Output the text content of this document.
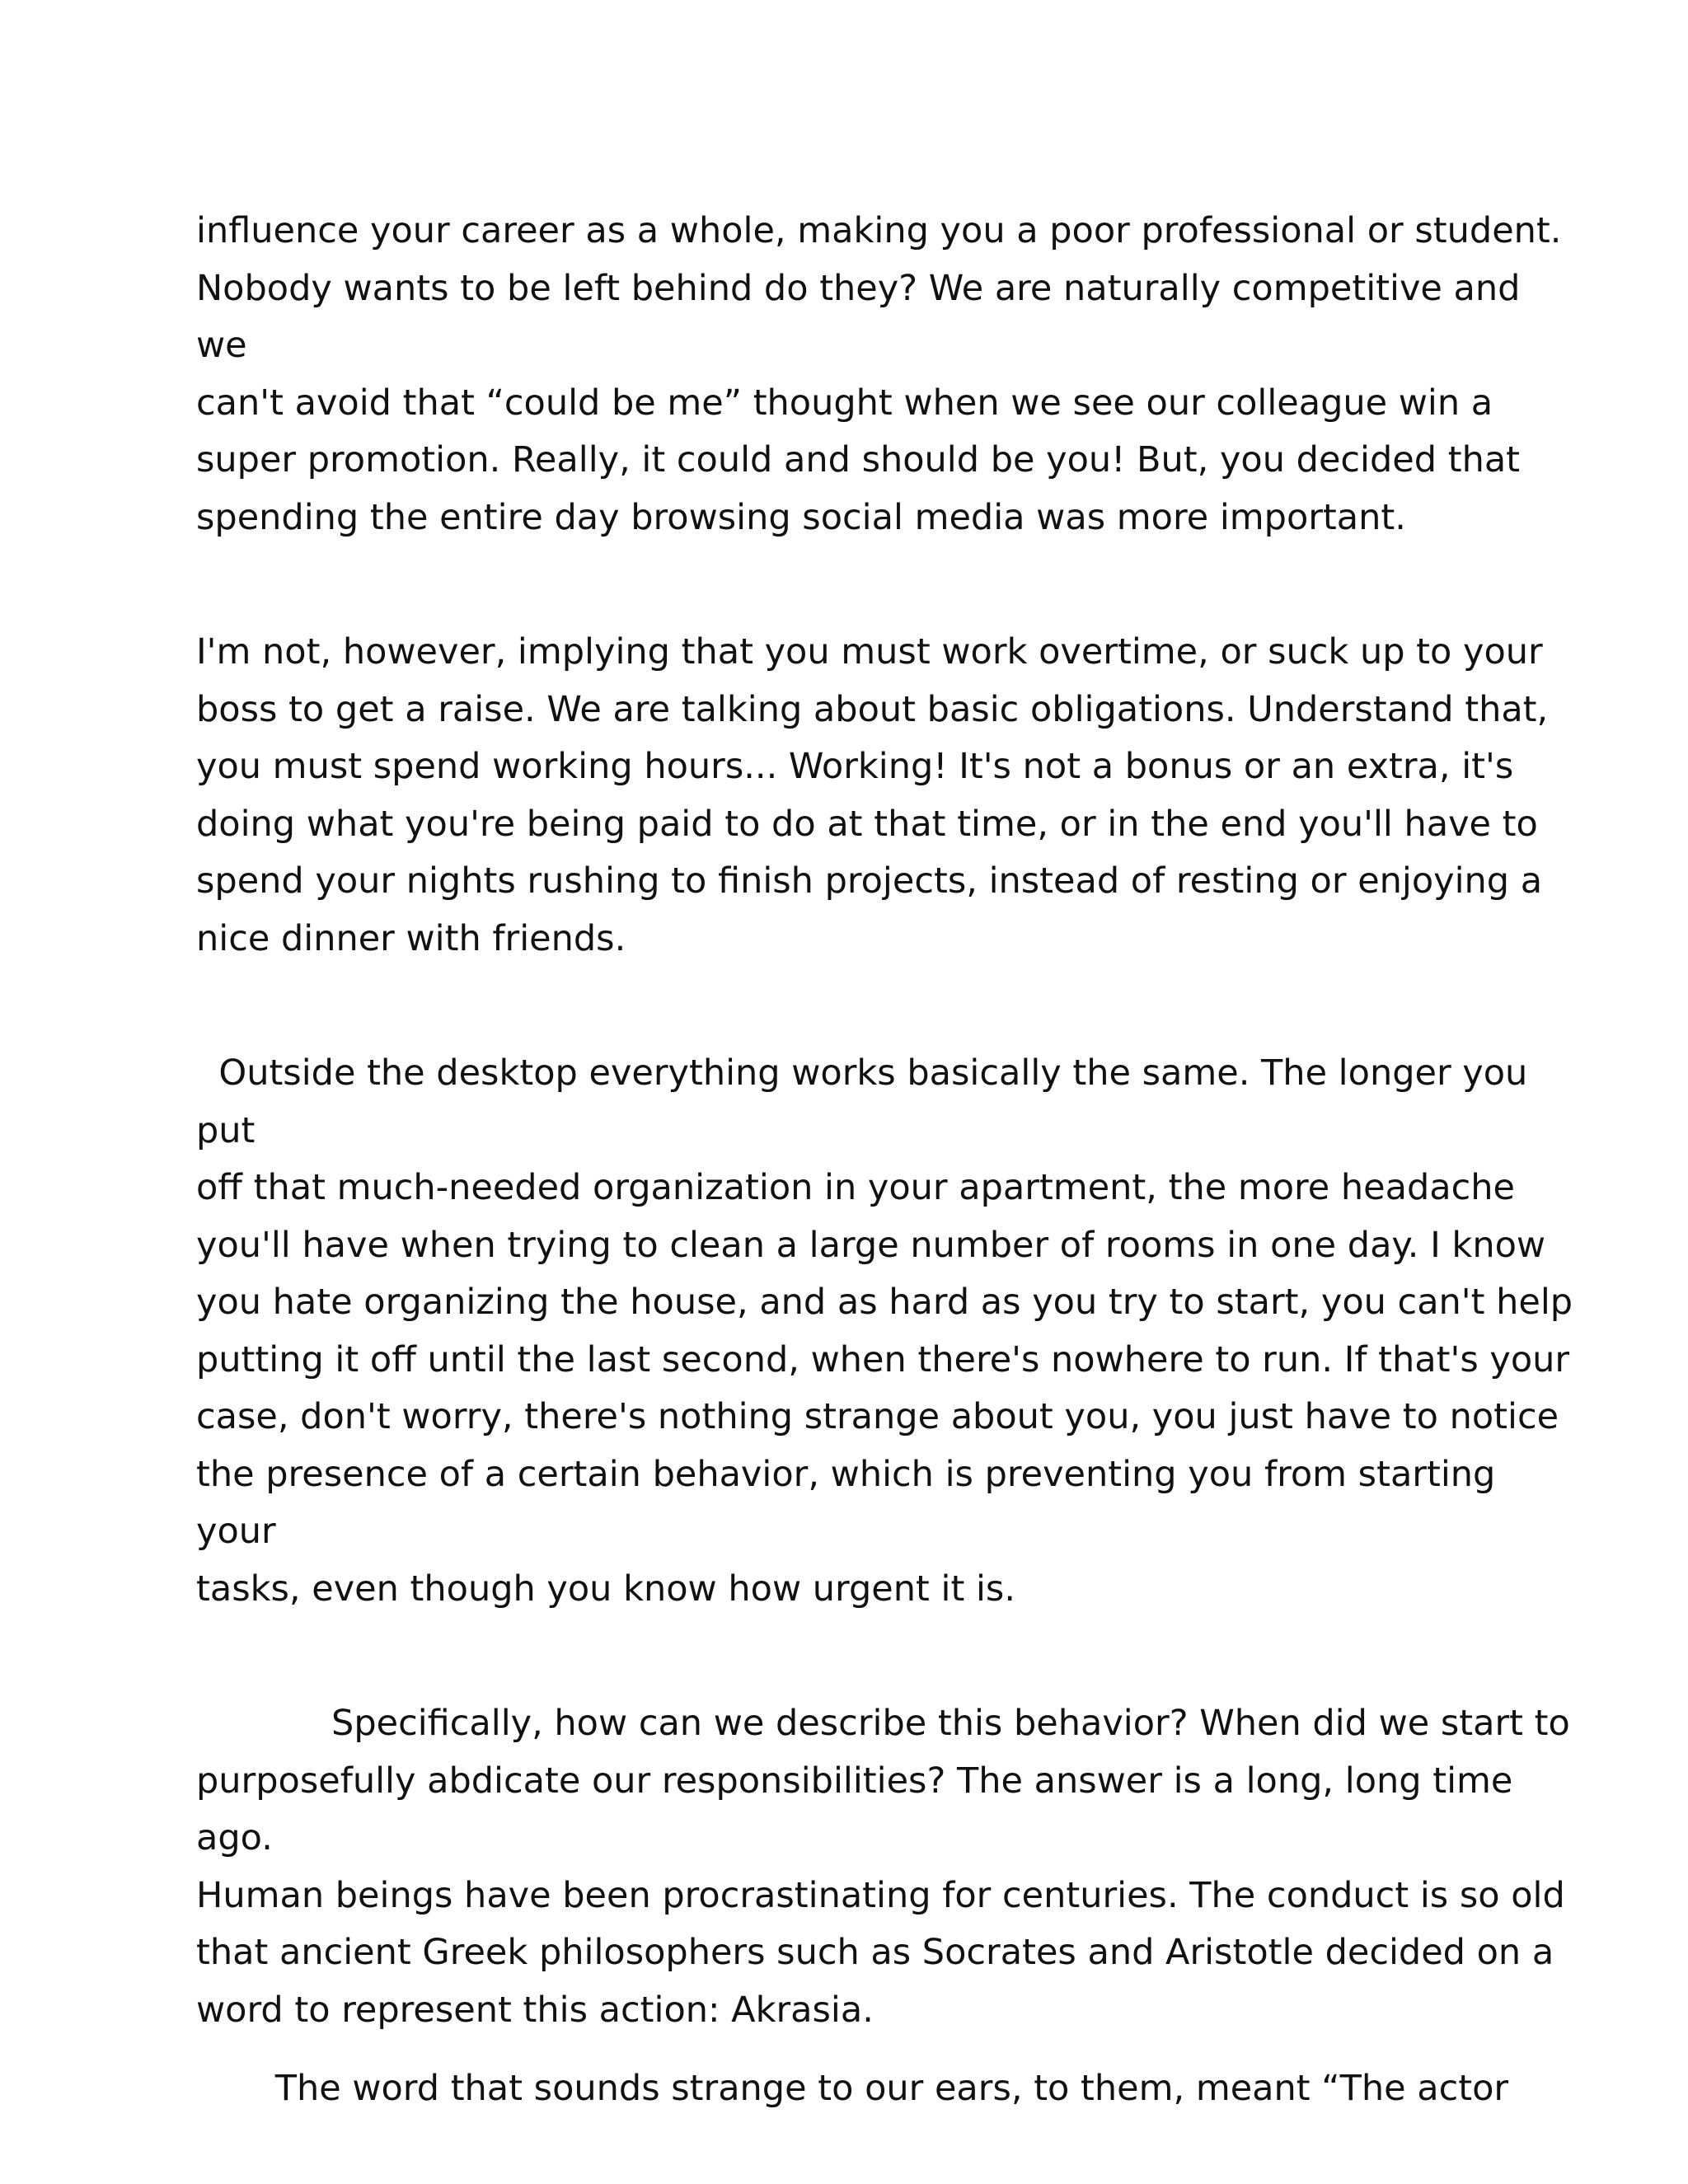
influence your career as a whole, making you a poor professional or student.
Nobody wants to be left behind do they? We are naturally competitive and we
can't avoid that “could be me” thought when we see our colleague win a
super promotion. Really, it could and should be you! But, you decided that
spending the entire day browsing social media was more important.

I'm not, however, implying that you must work overtime, or suck up to your
boss to get a raise. We are talking about basic obligations. Understand that,
you must spend working hours... Working! It's not a bonus or an extra, it's
doing what you're being paid to do at that time, or in the end you'll have to
spend your nights rushing to finish projects, instead of resting or enjoying a
nice dinner with friends.

Outside the desktop everything works basically the same. The longer you put
off that much-needed organization in your apartment, the more headache
you'll have when trying to clean a large number of rooms in one day. I know
you hate organizing the house, and as hard as you try to start, you can't help
putting it off until the last second, when there's nowhere to run. If that's your
case, don't worry, there's nothing strange about you, you just have to notice
the presence of a certain behavior, which is preventing you from starting your
tasks, even though you know how urgent it is.

Specifically, how can we describe this behavior? When did we start to
purposefully abdicate our responsibilities? The answer is a long, long time ago.
Human beings have been procrastinating for centuries. The conduct is so old
that ancient Greek philosophers such as Socrates and Aristotle decided on a
word to represent this action: Akrasia.

The word that sounds strange to our ears, to them, meant “The actor
